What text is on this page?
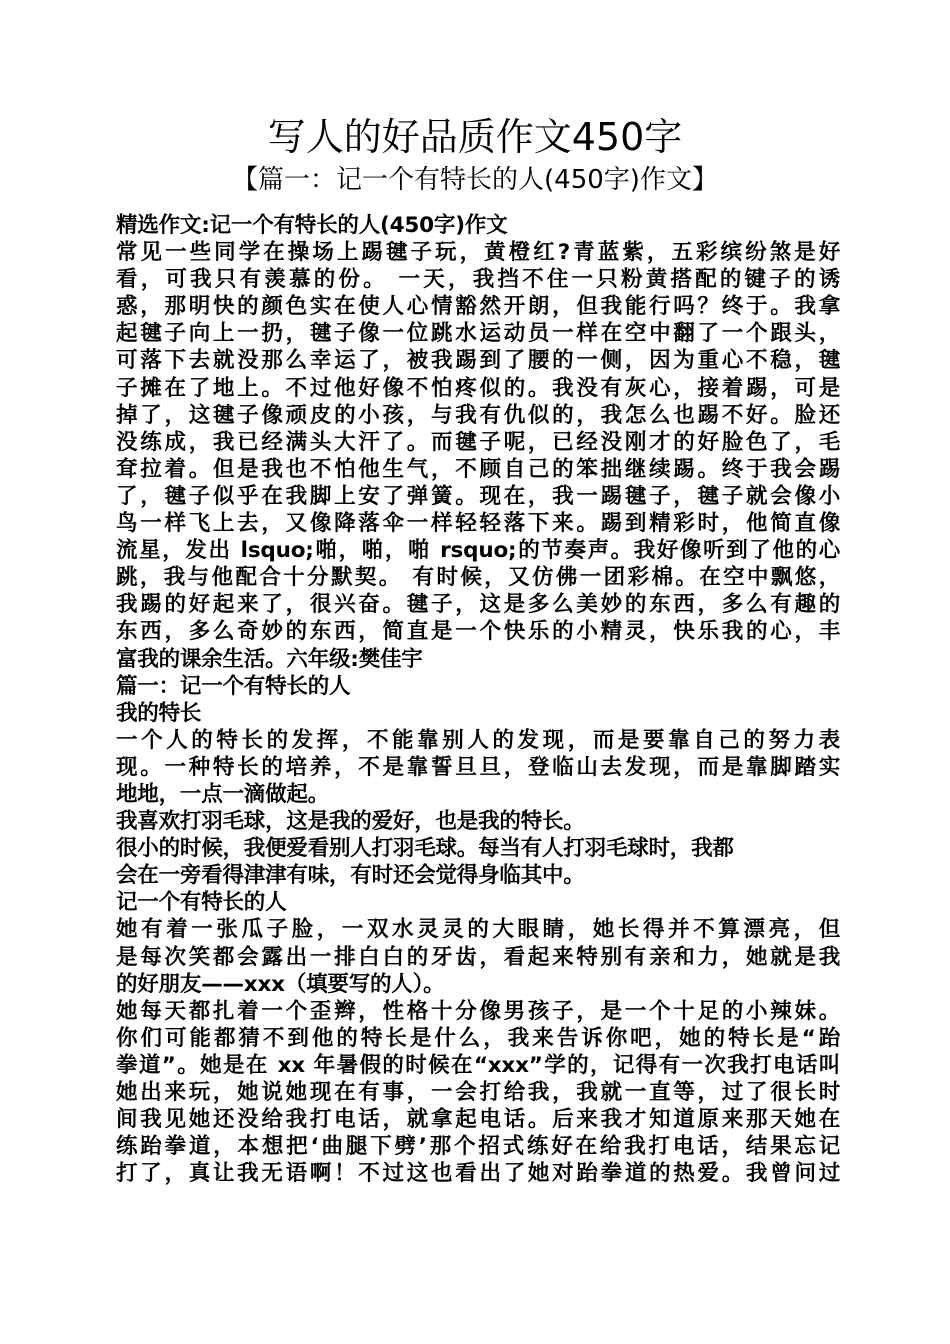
写人的好品质作文450字
【篇一：记一个有特长的人(450字)作文】
精选作文:记一个有特长的人(450字)作文
常见一些同学在操场上踢毽子玩，黄橙红?青蓝紫，五彩缤纷煞是好
看，可我只有羡慕的份。 一天，我挡不住一只粉黄搭配的键子的诱
惑，那明快的颜色实在使人心情豁然开朗，但我能行吗？终于。我拿
起毽子向上一扔，毽子像一位跳水运动员一样在空中翻了一个跟头，
可落下去就没那么幸运了，被我踢到了腰的一侧，因为重心不稳，毽
子摊在了地上。不过他好像不怕疼似的。我没有灰心，接着踢，可是
掉了，这毽子像顽皮的小孩，与我有仇似的，我怎么也踢不好。脸还
没练成，我已经满头大汗了。而毽子呢，已经没刚才的好脸色了，毛
耷拉着。但是我也不怕他生气，不顾自己的笨拙继续踢。终于我会踢
了，毽子似乎在我脚上安了弹簧。现在，我一踢毽子，毽子就会像小
鸟一样飞上去，又像降落伞一样轻轻落下来。踢到精彩时，他简直像
流星，发出 lsquo;啪，啪，啪 rsquo;的节奏声。我好像听到了他的心
跳，我与他配合十分默契。 有时候，又仿佛一团彩棉。在空中飘悠，
我踢的好起来了，很兴奋。毽子，这是多么美妙的东西，多么有趣的
东西，多么奇妙的东西，简直是一个快乐的小精灵，快乐我的心，丰
富我的课余生活。六年级:樊佳宇
篇一：记一个有特长的人
我的特长
一个人的特长的发挥，不能靠别人的发现，而是要靠自己的努力表
现。一种特长的培养，不是靠誓旦旦，登临山去发现，而是靠脚踏实
地地，一点一滴做起。
我喜欢打羽毛球，这是我的爱好，也是我的特长。
很小的时候，我便爱看别人打羽毛球。每当有人打羽毛球时，我都
会在一旁看得津津有味，有时还会觉得身临其中。
记一个有特长的人
她有着一张瓜子脸，一双水灵灵的大眼睛，她长得并不算漂亮，但
是每次笑都会露出一排白白的牙齿，看起来特别有亲和力，她就是我
的好朋友——xxx（填要写的人）。
她每天都扎着一个歪辫，性格十分像男孩子，是一个十足的小辣妹。
你们可能都猜不到他的特长是什么，我来告诉你吧，她的特长是“跆
拳道”。她是在 xx 年暑假的时候在“xxx”学的，记得有一次我打电话叫
她出来玩，她说她现在有事，一会打给我，我就一直等，过了很长时
间我见她还没给我打电话，就拿起电话。后来我才知道原来那天她在
练跆拳道，本想把‘曲腿下劈’那个招式练好在给我打电话，结果忘记
打了，真让我无语啊！不过这也看出了她对跆拳道的热爱。我曾问过
